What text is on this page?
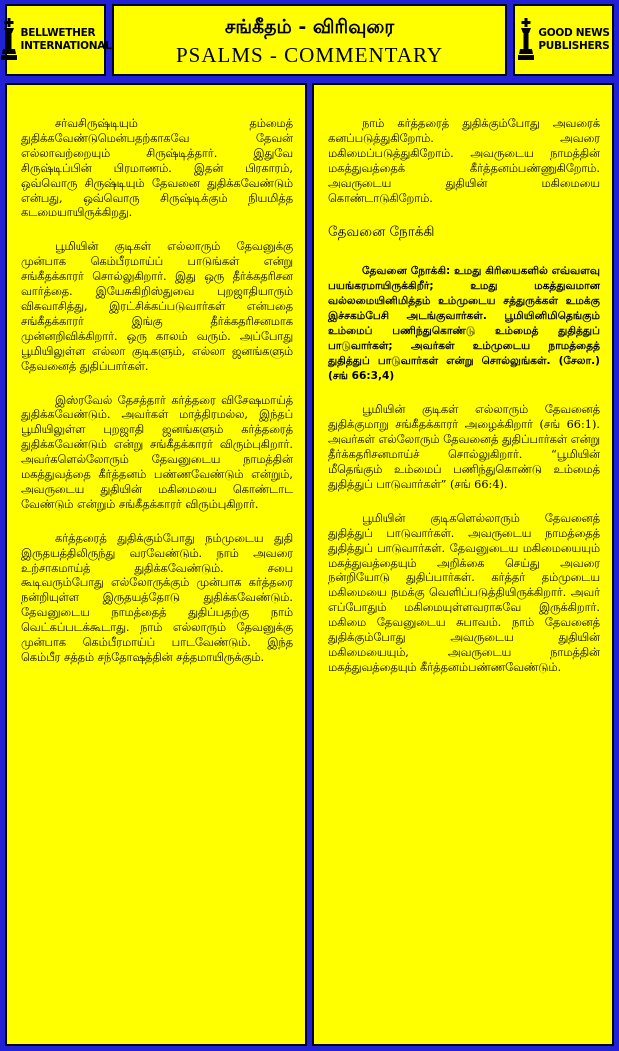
BELLWETHER
INTERNATIONAL
சங்கீதம் - விரிவுரை
PSALMS - COMMENTARY
GOOD NEWS
PUBLISHERS

சர்வசிருஷ்டியும் தம்மைத் துதிக்கவேண்டுமென்பதற்காகவே தேவன் எல்லாவற்றையும் சிருஷ்டித்தார். இதுவே சிருஷ்டிப்பின் பிரமாணம். இதன் பிரகாரம், ஒவ்வொரு சிருஷ்டியும் தேவனை துதிக்கவேண்டும் என்பது, ஒவ்வொரு சிருஷ்டிக்கும் நியமித்த கடமையாயிருக்கிறது.

பூமியின் குடிகள் எல்லாரும் தேவனுக்கு முன்பாக கெம்பீரமாய்ப் பாடுங்கள் என்று சங்கீதக்காரர் சொல்லுகிறார். இது ஒரு தீர்க்கதரிசன வார்த்தை. இயேசுகிறிஸ்துவை புறஜாதியாரும் விசுவாசித்து, இரட்சிக்கப்படுவார்கள் என்பதை சங்கீதக்காரர் இங்கு தீர்க்கதரிசனமாக முன்னறிவிக்கிறார். ஒரு காலம் வரும். அப்போது பூமியிலுள்ள எல்லா குடிகளும், எல்லா ஜனங்களும் தேவனைத் துதிப்பார்கள்.

இஸ்ரவேல் தேசத்தார் கர்த்தரை விசேஷமாய்த் துதிக்கவேண்டும். அவர்கள் மாத்திரமல்ல, இந்தப் பூமியிலுள்ள புறஜாதி ஜனங்களும் கர்த்தரைத் துதிக்கவேண்டும் என்று சங்கீதக்காரர் விரும்புகிறார். அவர்களெல்லோரும் தேவனுடைய நாமத்தின் மகத்துவத்தை கீர்த்தனம் பண்ணவேண்டும் என்றும், அவருடைய துதியின் மகிமையை கொண்டாட வேண்டும் என்றும் சங்கீதக்காரர் விரும்புகிறார்.

கர்த்தரைத் துதிக்கும்போது நம்முடைய துதி இருதயத்திலிருந்து வரவேண்டும். நாம் அவரை உற்சாகமாய்த் துதிக்கவேண்டும். சபை கூடிவரும்போது எல்லோருக்கும் முன்பாக கர்த்தரை நன்றியுள்ள இருதயத்தோடு துதிக்கவேண்டும். தேவனுடைய நாமத்தைத் துதிப்பதற்கு நாம் வெட்கப்படக்கூடாது. நாம் எல்லாரும் தேவனுக்கு முன்பாக கெம்பீரமாய்ப் பாடவேண்டும். இந்த கெம்பீர சத்தம் சந்தோஷத்தின் சத்தமாயிருக்கும்.

நாம் கர்த்தரைத் துதிக்கும்போது அவரைக் கனப்படுத்துகிறோம். அவரை மகிமைப்படுத்துகிறோம். அவருடைய நாமத்தின் மகத்துவத்தைக் கீர்த்தனம்பண்ணுகிறோம். அவருடைய துதியின் மகிமையை கொண்டாடுகிறோம்.

தேவனை நோக்கி

தேவனை நோக்கி: உமது கிரியைகளில் எவ்வளவு பயங்கரமாயிருக்கிறீர்; உமது மகத்துவமான வல்லமையினிமித்தம் உம்முடைய சத்துருக்கள் உமக்கு இச்சகம்பேசி அடங்குவார்கள். பூமியினிமிதெங்கும் உம்மைப் பணிந்துகொண்டு உம்மைத் துதித்துப் பாடுவார்கள்; அவர்கள் உம்முடைய நாமத்தைத் துதித்துப் பாடுவார்கள் என்று சொல்லுங்கள். (சேலா.) (சங் 66:3,4)

பூமியின் குடிகள் எல்லாரும் தேவனைத் துதிக்குமாறு சங்கீதக்காரர் அழைக்கிறார் (சங் 66:1). அவர்கள் எல்லோரும் தேவனைத் துதிப்பார்கள் என்று தீர்க்கதரிசனமாய்ச் சொல்லுகிறார். “பூமியின் மீதெங்கும் உம்மைப் பணிந்துகொண்டு உம்மைத் துதித்துப் பாடுவார்கள்” (சங் 66:4).

பூமியின் குடிகளெல்லாரும் தேவனைத் துதித்துப் பாடுவார்கள். அவருடைய நாமத்தைத் துதித்துப் பாடுவார்கள். தேவனுடைய மகிமையையும் மகத்துவத்தையும் அறிக்கை செய்து அவரை நன்றியோடு துதிப்பார்கள். கர்த்தர் தம்முடைய மகிமையை நமக்கு வெளிப்படுத்தியிருக்கிறார். அவர் எப்போதும் மகிமையுள்ளவராகவே இருக்கிறார். மகிமை தேவனுடைய சுபாவம். நாம் தேவனைத் துதிக்கும்போது அவருடைய துதியின் மகிமையையும், அவருடைய நாமத்தின் மகத்துவத்தையும் கீர்த்தனம்பண்ணவேண்டும்.
